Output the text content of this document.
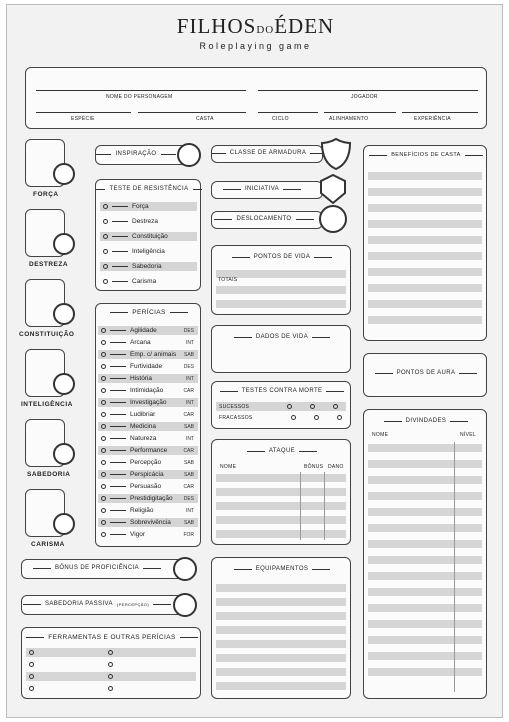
FILHOSDOÉDEN
Roleplaying game
NOME DO PERSONAGEM	JOGADOR
ESPÉCIE	CASTA	CICLO	ALINHAMENTO	EXPERIÊNCIA
FORÇA
DESTREZA
CONSTITUIÇÃO
INTELIGÊNCIA
SABEDORIA
CARISMA
INSPIRAÇÃO
TESTE DE RESISTÊNCIA
Força
Destreza
Constituição
Inteligência
Sabedoria
Carisma
PERÍCIAS
Agilidade	DES
Arcana	INT
Emp. c/ animais SAB
Furtividade	DES
História	INT
Intimidação	CAR
Investigação	INT
Ludibriar	CAR
Medicina	SAB
Natureza	INT
Performance	CAR
Percepção	SAB
Perspicácia	SAB
Persuasão	CAR
Prestidigitação DES
Religião	INT
Sobrevivência	SAB
Vigor	FOR
CLASSE DE ARMADURA
INICIATIVA
DESLOCAMENTO
PONTOS DE VIDA
TOTAIS
DADOS DE VIDA
TESTES CONTRA MORTE
SUCESSOS
FRACASSOS
ATAQUE
NOME	BÔNUS DANO
EQUIPAMENTOS
BENEFÍCIOS DE CASTA
PONTOS DE AURA
DIVINDADES
NOME	NÍVEL
BÔNUS DE PROFICIÊNCIA
SABEDORIA PASSIVA (PERCEPÇÃO)
FERRAMENTAS E OUTRAS PERÍCIAS
